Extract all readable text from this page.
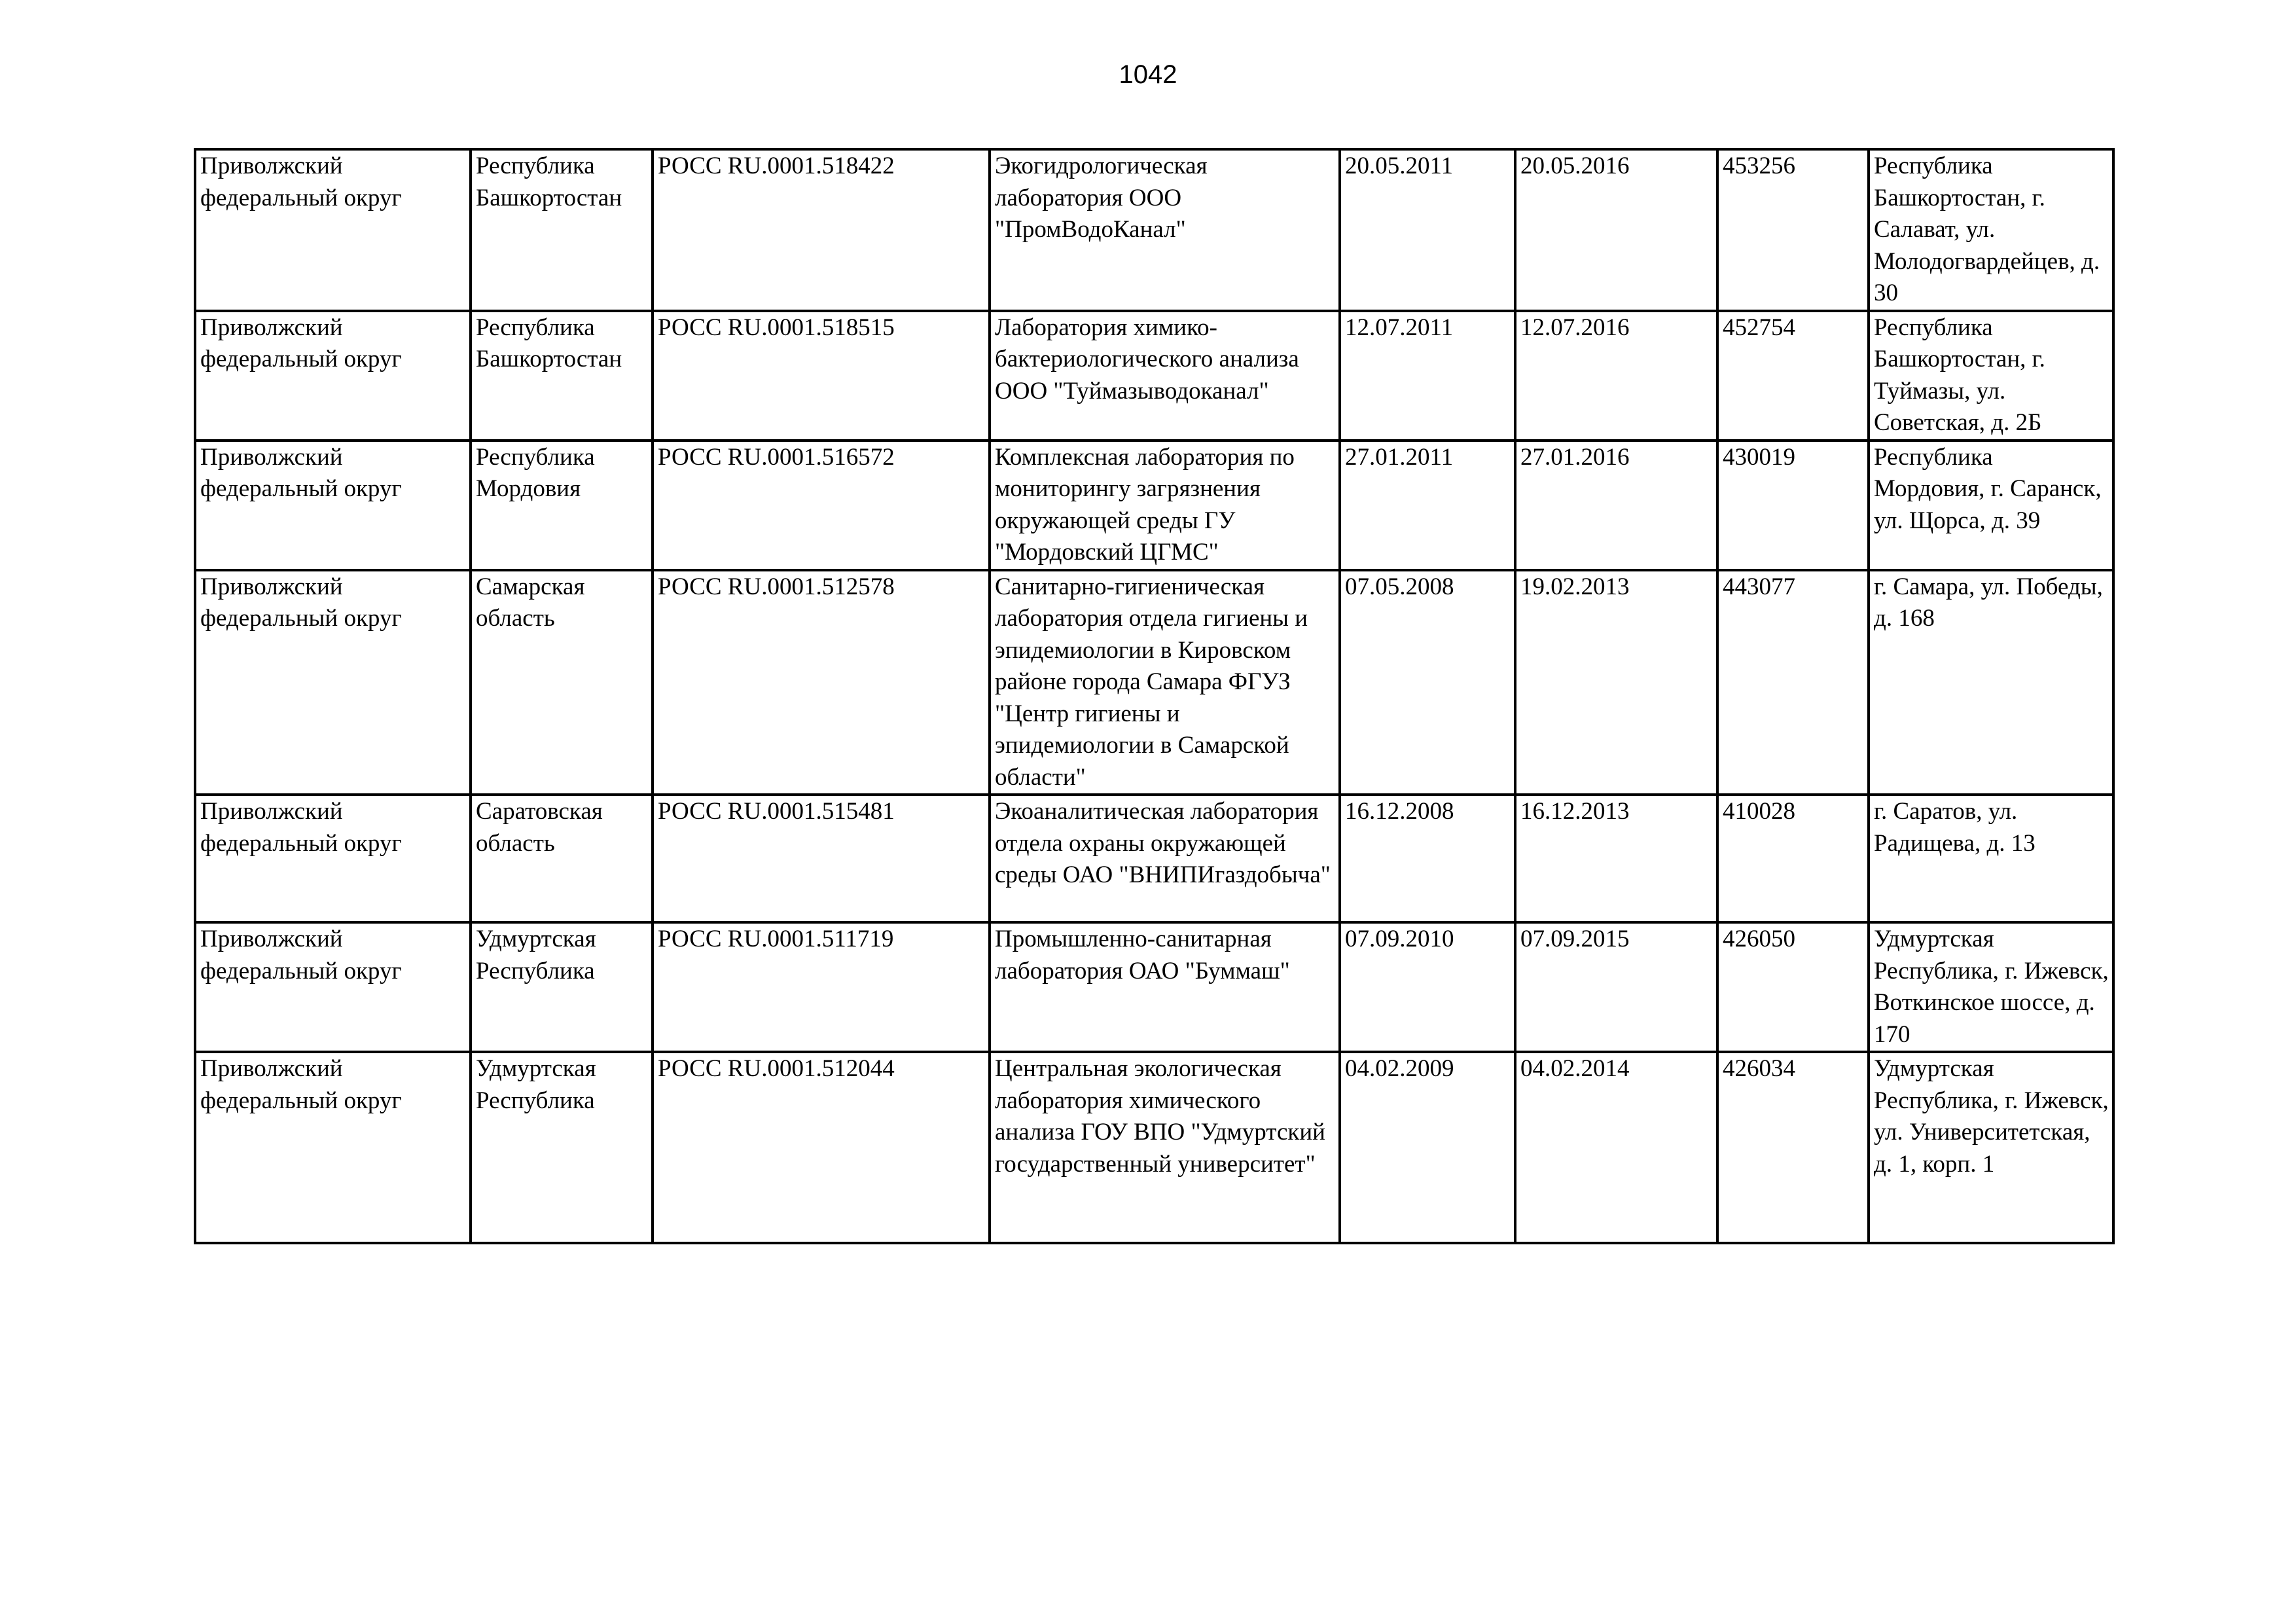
1042
Приволжский федеральный округ	Республика Башкортостан	РОСС RU.0001.518422	Экогидрологическая лаборатория ООО "ПромВодоКанал"	20.05.2011	20.05.2016	453256	Республика Башкортостан, г. Салават, ул. Молодогвардейцев, д. 30
Приволжский федеральный округ	Республика Башкортостан	РОСС RU.0001.518515	Лаборатория химико-бактериологического анализа ООО "Туймазыводоканал"	12.07.2011	12.07.2016	452754	Республика Башкортостан, г. Туймазы, ул. Советская, д. 2Б
Приволжский федеральный округ	Республика Мордовия	РОСС RU.0001.516572	Комплексная лаборатория по мониторингу загрязнения окружающей среды ГУ "Мордовский ЦГМС"	27.01.2011	27.01.2016	430019	Республика Мордовия, г. Саранск, ул. Щорса, д. 39
Приволжский федеральный округ	Самарская область	РОСС RU.0001.512578	Санитарно-гигиеническая лаборатория отдела гигиены и эпидемиологии в Кировском районе города Самара ФГУЗ "Центр гигиены и эпидемиологии в Самарской области"	07.05.2008	19.02.2013	443077	г. Самара, ул. Победы, д. 168
Приволжский федеральный округ	Саратовская область	РОСС RU.0001.515481	Экоаналитическая лаборатория отдела охраны окружающей среды ОАО "ВНИПИгаздобыча"	16.12.2008	16.12.2013	410028	г. Саратов, ул. Радищева, д. 13
Приволжский федеральный округ	Удмуртская Республика	РОСС RU.0001.511719	Промышленно-санитарная лаборатория ОАО "Буммаш"	07.09.2010	07.09.2015	426050	Удмуртская Республика, г. Ижевск, Воткинское шоссе, д. 170
Приволжский федеральный округ	Удмуртская Республика	РОСС RU.0001.512044	Центральная экологическая лаборатория химического анализа ГОУ ВПО "Удмуртский государственный университет"	04.02.2009	04.02.2014	426034	Удмуртская Республика, г. Ижевск, ул. Университетская, д. 1, корп. 1
